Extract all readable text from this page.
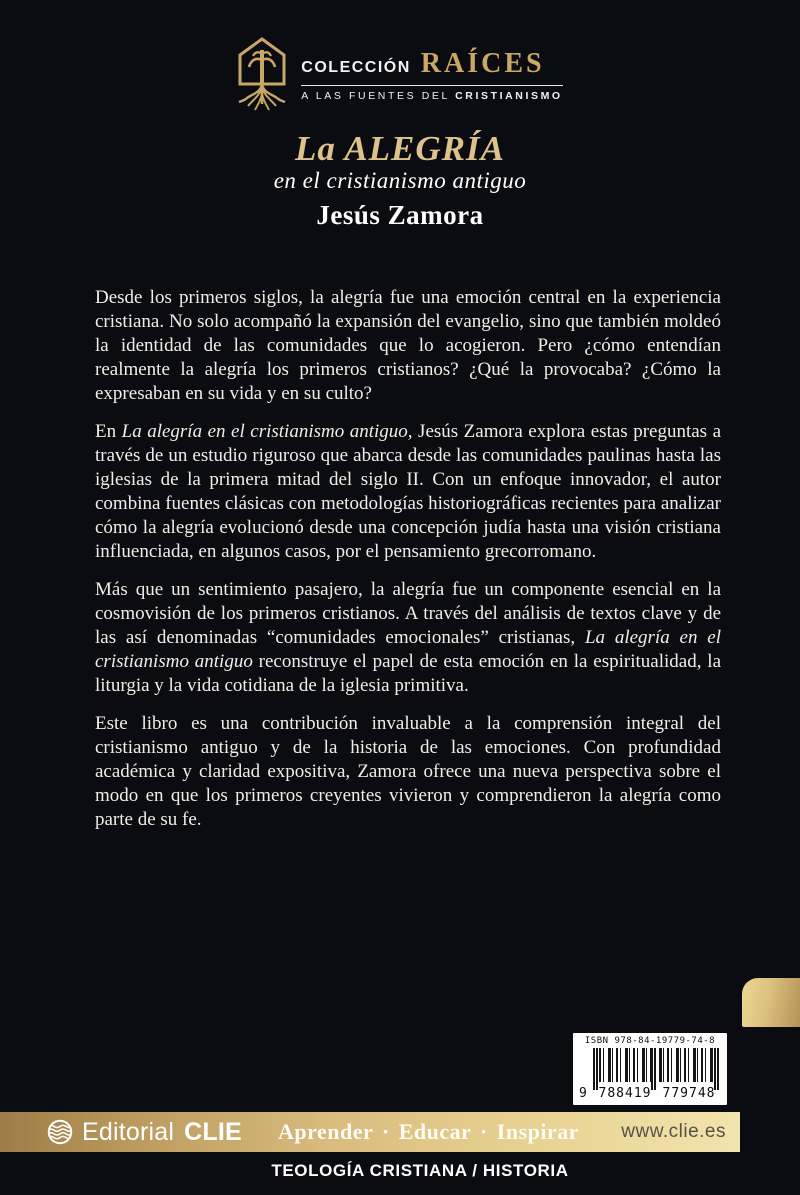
COLECCIÓN RAÍCES
A LAS FUENTES DEL CRISTIANISMO
La ALEGRÍA
en el cristianismo antiguo
Jesús Zamora

Desde los primeros siglos, la alegría fue una emoción central en la experiencia cristiana. No solo acompañó la expansión del evangelio, sino que también moldeó la identidad de las comunidades que lo acogieron. Pero ¿cómo entendían realmente la alegría los primeros cristianos? ¿Qué la provocaba? ¿Cómo la expresaban en su vida y en su culto?

En La alegría en el cristianismo antiguo, Jesús Zamora explora estas preguntas a través de un estudio riguroso que abarca desde las comunidades paulinas hasta las iglesias de la primera mitad del siglo II. Con un enfoque innovador, el autor combina fuentes clásicas con metodologías historiográficas recientes para analizar cómo la alegría evolucionó desde una concepción judía hasta una visión cristiana influenciada, en algunos casos, por el pensamiento grecorromano.

Más que un sentimiento pasajero, la alegría fue un componente esencial en la cosmovisión de los primeros cristianos. A través del análisis de textos clave y de las así denominadas “comunidades emocionales” cristianas, La alegría en el cristianismo antiguo reconstruye el papel de esta emoción en la espiritualidad, la liturgia y la vida cotidiana de la iglesia primitiva.

Este libro es una contribución invaluable a la comprensión integral del cristianismo antiguo y de la historia de las emociones. Con profundidad académica y claridad expositiva, Zamora ofrece una nueva perspectiva sobre el modo en que los primeros creyentes vivieron y comprendieron la alegría como parte de su fe.

ISBN 978-84-19779-74-8
9 788419 779748
Editorial CLIE Aprender · Educar · Inspirar www.clie.es
TEOLOGÍA CRISTIANA / HISTORIA
